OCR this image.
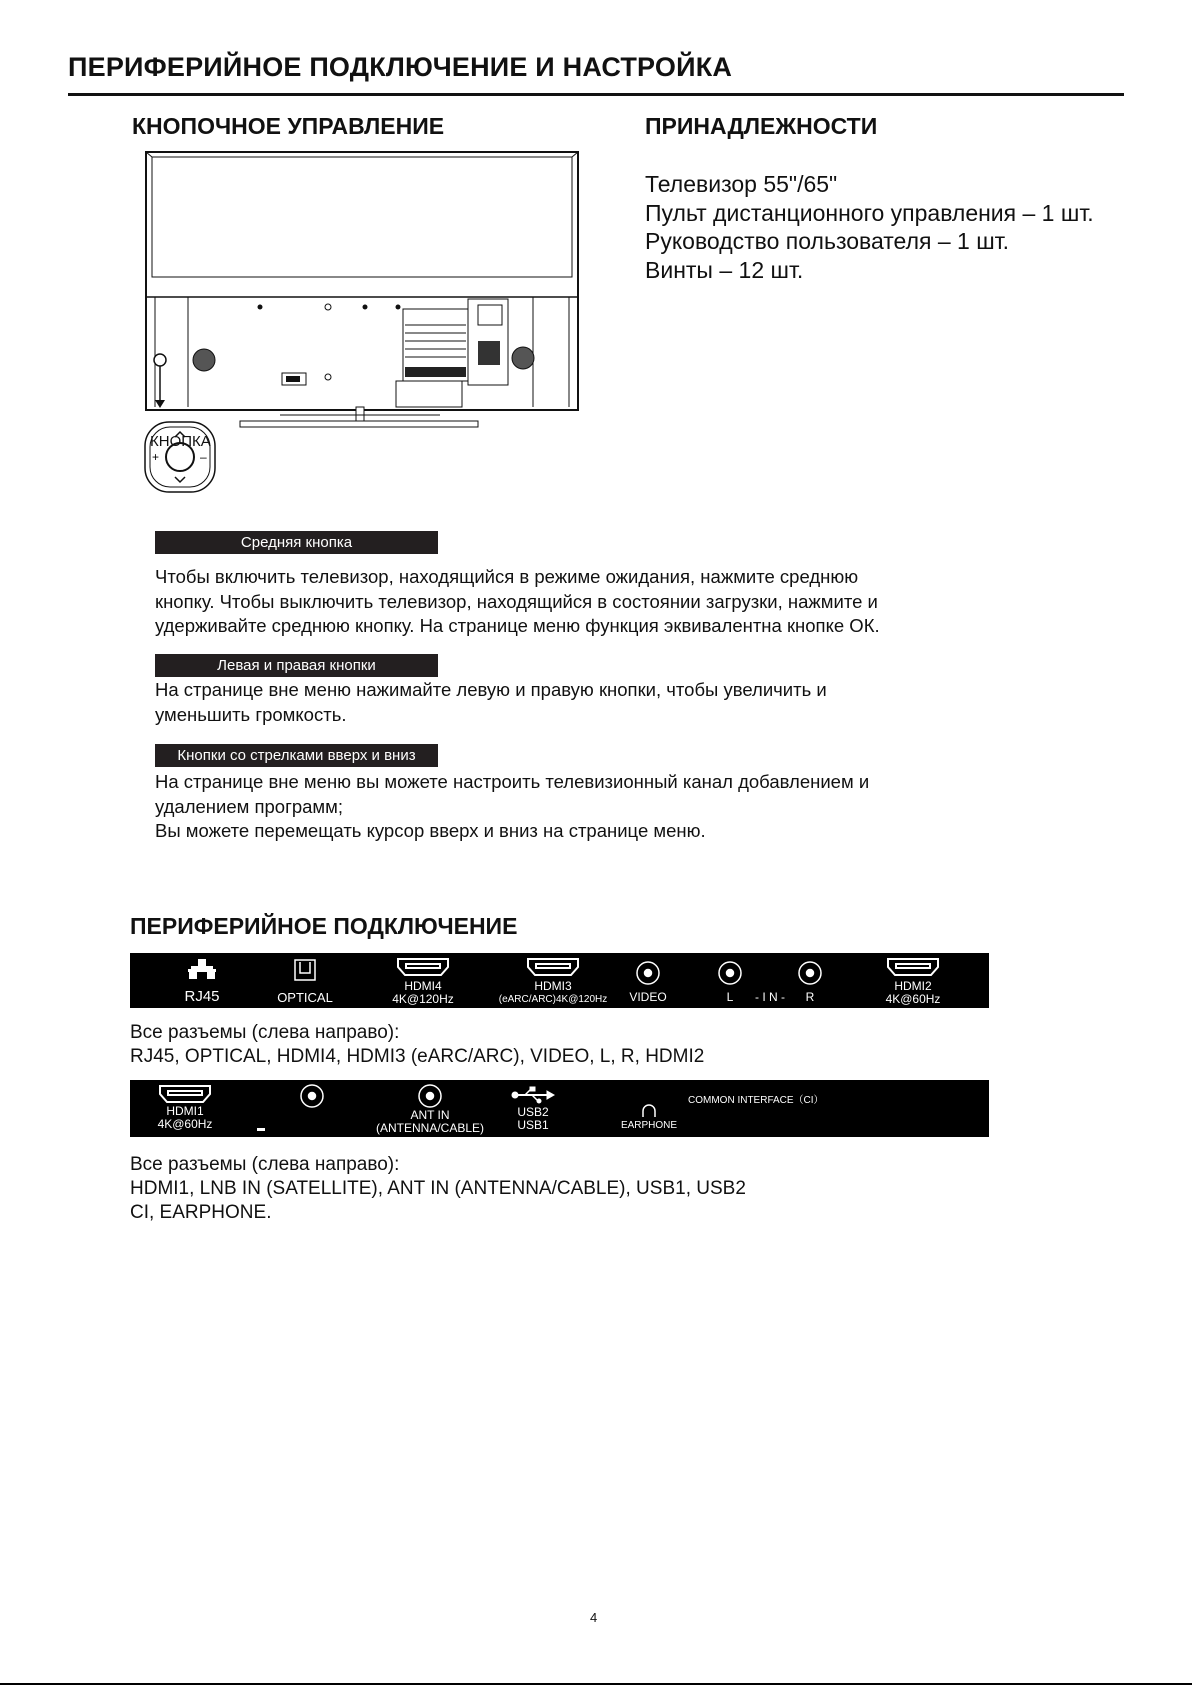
ПЕРИФЕРИЙНОЕ ПОДКЛЮЧЕНИЕ И НАСТРОЙКА
КНОПОЧНОЕ УПРАВЛЕНИЕ	ПРИНАДЛЕЖНОСТИ
+	–
КНОПКА
Телевизор 55"/65"
Пульт дистанционного управления – 1 шт.
Руководство пользователя – 1 шт.
Винты – 12 шт.
Средняя кнопка
Чтобы включить телевизор, находящийся в режиме ожидания, нажмите среднюю
кнопку. Чтобы выключить телевизор, находящийся в состоянии загрузки, нажмите и
удерживайте среднюю кнопку. На странице меню функция эквивалентна кнопке ОК.
Левая и правая кнопки
На странице вне меню нажимайте левую и правую кнопки, чтобы увеличить и
уменьшить громкость.
Кнопки со стрелками вверх и вниз
На странице вне меню вы можете настроить телевизионный канал добавлением и
удалением программ;
Вы можете перемещать курсор вверх и вниз на странице меню.
ПЕРИФЕРИЙНОЕ ПОДКЛЮЧЕНИЕ
RJ45	OPTICAL
HDMI4
4K@120Hz
HDMI3
(eARC/ARC)4K@120Hz	VIDEO	L	- I N -	R
HDMI2
4K@60Hz
Все разъемы (слева направо):
RJ45, OPTICAL, HDMI4, HDMI3 (eARC/ARC), VIDEO, L, R, HDMI2
HDMI1
4K@60Hz
ANT IN
(ANTENNA/CABLE)
USB2
USB1	EARPHONE
COMMON INTERFACE（CI）
Все разъемы (слева направо):
HDMI1, LNB IN (SATELLITE), ANT IN (ANTENNA/CABLE), USB1, USB2
CI, EARPHONE.
4
